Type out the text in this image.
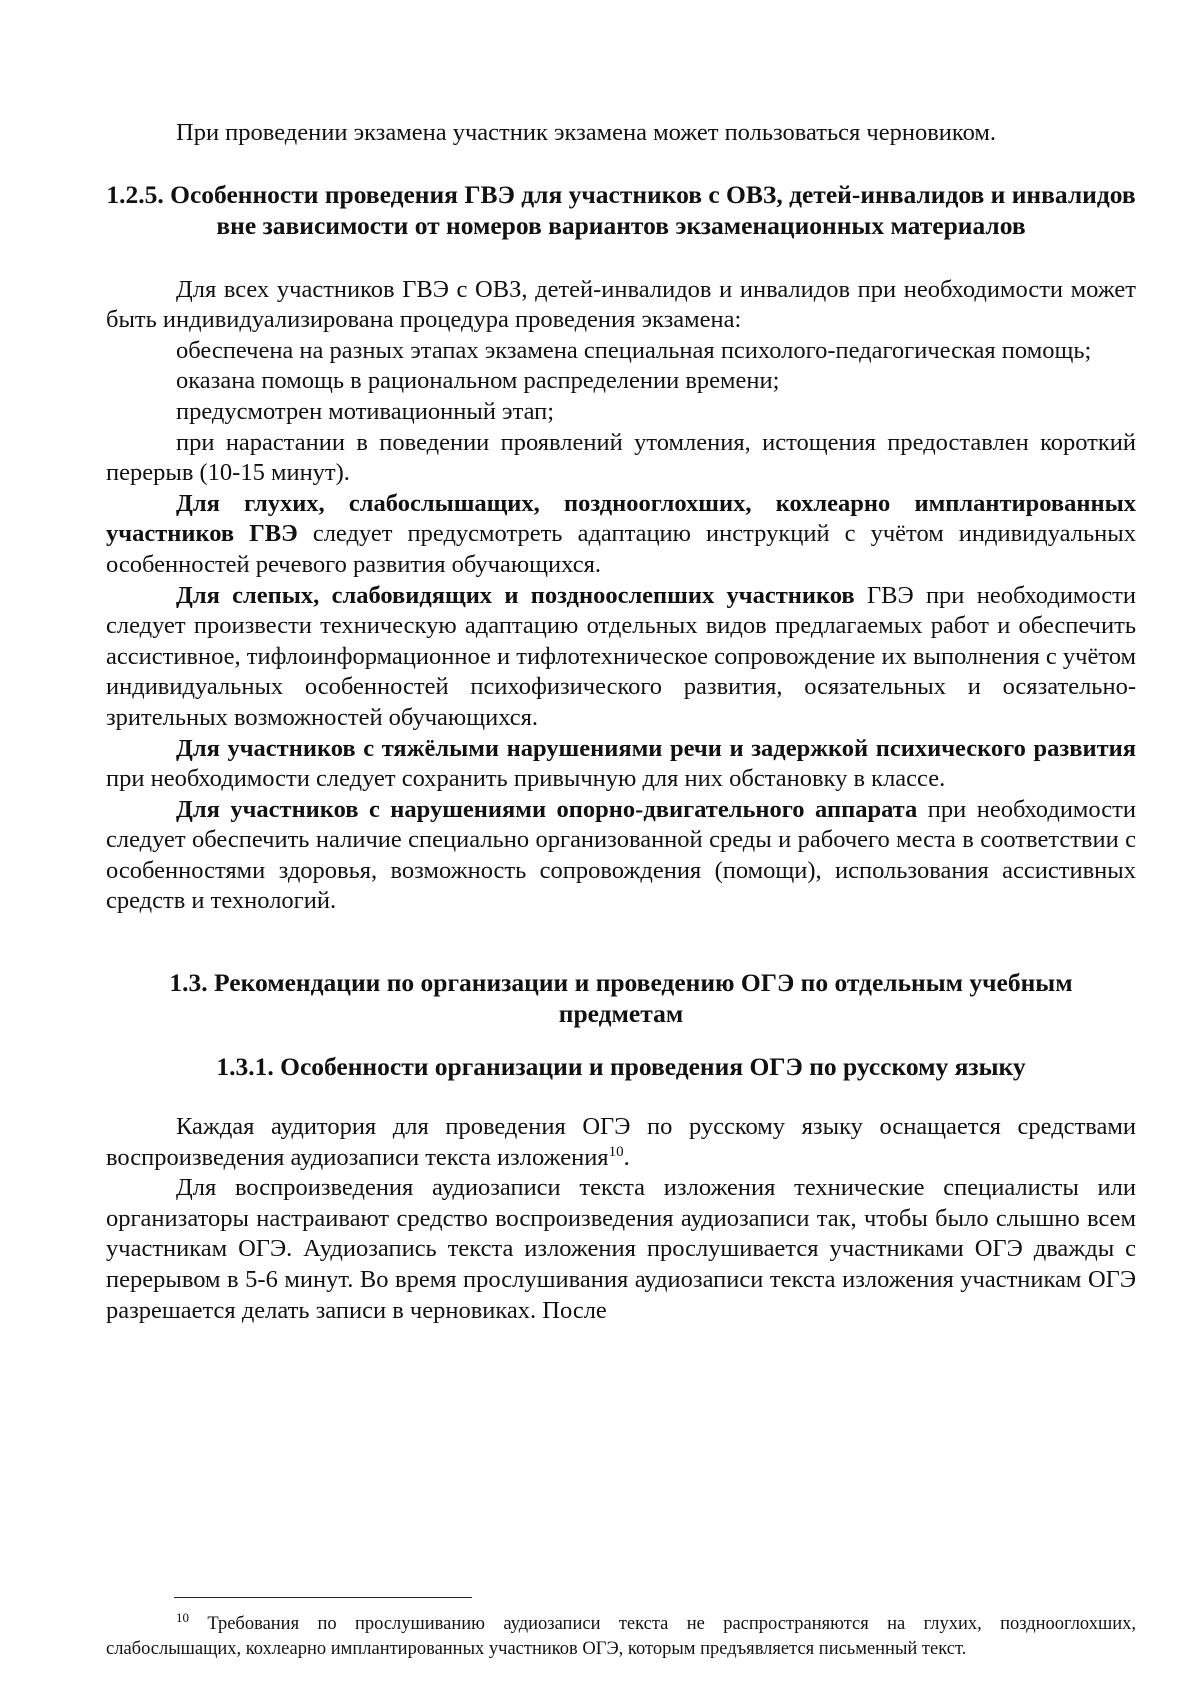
При проведении экзамена участник экзамена может пользоваться черновиком.

1.2.5. Особенности проведения ГВЭ для участников с ОВЗ, детей-инвалидов и инвалидов вне зависимости от номеров вариантов экзаменационных материалов

Для всех участников ГВЭ с ОВЗ, детей-инвалидов и инвалидов при необходимости может быть индивидуализирована процедура проведения экзамена:

обеспечена на разных этапах экзамена специальная психолого-педагогическая помощь;

оказана помощь в рациональном распределении времени;

предусмотрен мотивационный этап;

при нарастании в поведении проявлений утомления, истощения предоставлен короткий перерыв (10-15 минут).

Для глухих, слабослышащих, позднооглохших, кохлеарно имплантированных участников ГВЭ следует предусмотреть адаптацию инструкций с учётом индивидуальных особенностей речевого развития обучающихся.

Для слепых, слабовидящих и поздноослепших участников ГВЭ при необходимости следует произвести техническую адаптацию отдельных видов предлагаемых работ и обеспечить ассистивное, тифлоинформационное и тифлотехническое сопровождение их выполнения с учётом индивидуальных особенностей психофизического развития, осязательных и осязательно-зрительных возможностей обучающихся.

Для участников с тяжёлыми нарушениями речи и задержкой психического развития при необходимости следует сохранить привычную для них обстановку в классе.

Для участников с нарушениями опорно-двигательного аппарата при необходимости следует обеспечить наличие специально организованной среды и рабочего места в соответствии с особенностями здоровья, возможность сопровождения (помощи), использования ассистивных средств и технологий.

1.3. Рекомендации по организации и проведению ОГЭ по отдельным учебным предметам
1.3.1. Особенности организации и проведения ОГЭ по русскому языку

Каждая аудитория для проведения ОГЭ по русскому языку оснащается средствами воспроизведения аудиозаписи текста изложения$^{10}$.

Для воспроизведения аудиозаписи текста изложения технические специалисты или организаторы настраивают средство воспроизведения аудиозаписи так, чтобы было слышно всем участникам ОГЭ. Аудиозапись текста изложения прослушивается участниками ОГЭ дважды с перерывом в 5-6 минут. Во время прослушивания аудиозаписи текста изложения участникам ОГЭ разрешается делать записи в черновиках. После

$^{10}$ Требования по прослушиванию аудиозаписи текста не распространяются на глухих, позднооглохших, слабослышащих, кохлеарно имплантированных участников ОГЭ, которым предъявляется письменный текст.
